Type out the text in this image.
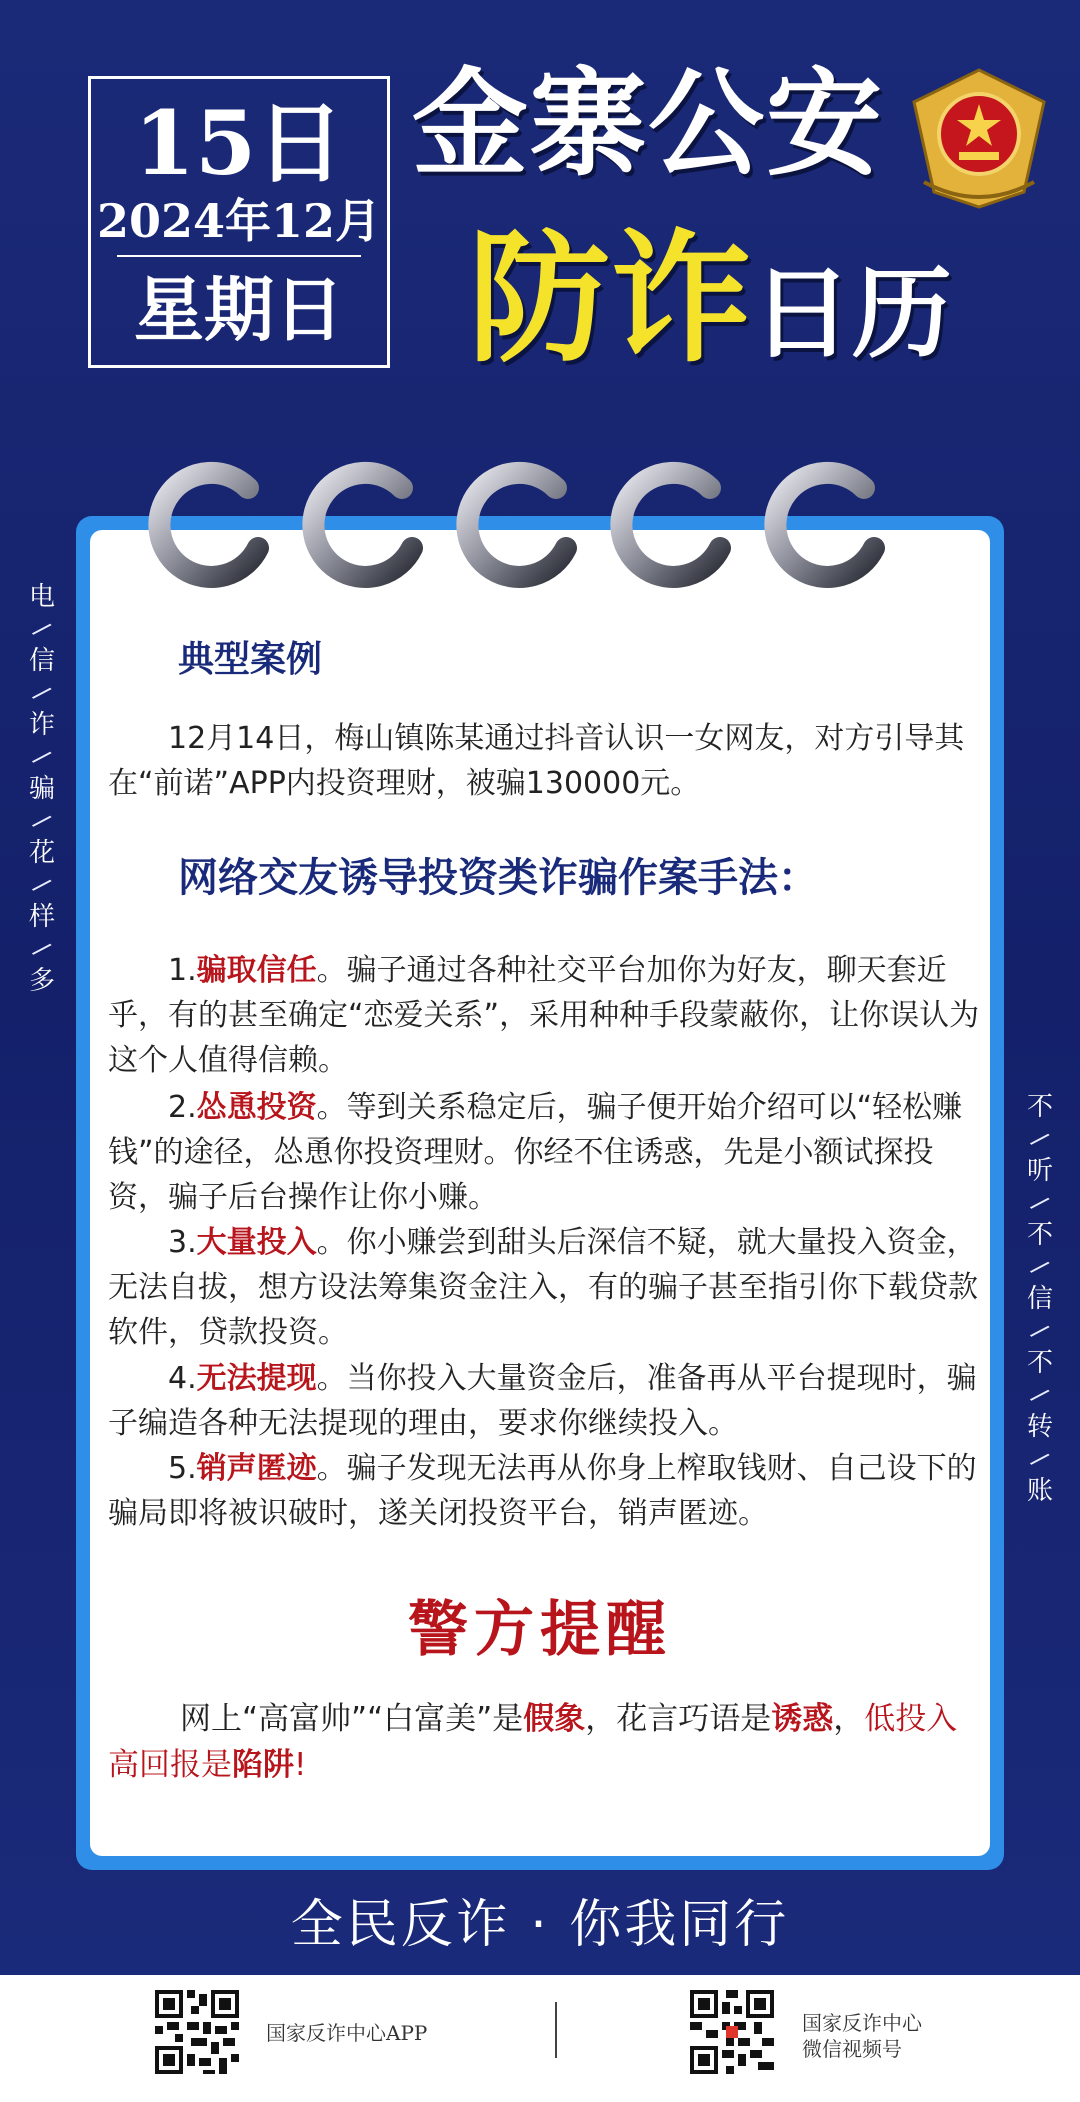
15日
2024年12月
星期日
金寨公安
防诈日历
电
/
信
/
诈
/
骗
/
花
/
样
/
多
不
/
听
/
不
/
信
/
不
/
转
/
账
典型案例

12月14日，梅山镇陈某通过抖音认识一女网友，对方引导其在“前诺”APP内投资理财，被骗130000元。

网络交友诱导投资类诈骗作案手法：

1.骗取信任。骗子通过各种社交平台加你为好友，聊天套近乎，有的甚至确定“恋爱关系”，采用种种手段蒙蔽你，让你误认为这个人值得信赖。

2.怂恿投资。等到关系稳定后，骗子便开始介绍可以“轻松赚钱”的途径，怂恿你投资理财。你经不住诱惑，先是小额试探投资，骗子后台操作让你小赚。

3.大量投入。你小赚尝到甜头后深信不疑，就大量投入资金，无法自拔，想方设法筹集资金注入，有的骗子甚至指引你下载贷款软件，贷款投资。

4.无法提现。当你投入大量资金后，准备再从平台提现时，骗子编造各种无法提现的理由，要求你继续投入。

5.销声匿迹。骗子发现无法再从你身上榨取钱财、自己设下的骗局即将被识破时，遂关闭投资平台，销声匿迹。

警方提醒

网上“高富帅”“白富美”是假象，花言巧语是诱惑，低投入高回报是陷阱!

全民反诈 · 你我同行
国家反诈中心APP	国家反诈中心
微信视频号
